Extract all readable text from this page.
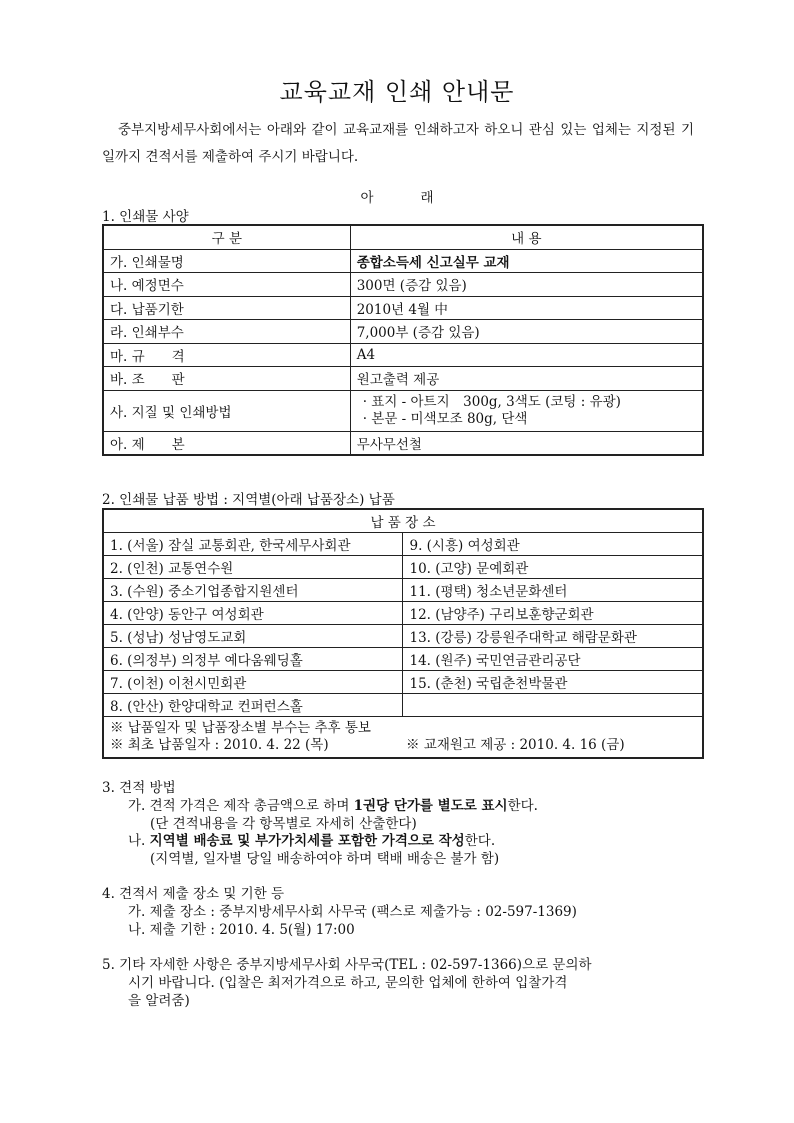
교육교재 인쇄 안내문
중부지방세무사회에서는 아래와 같이 교육교재를 인쇄하고자 하오니 관심 있는 업체는 지정된 기일까지 견적서를 제출하여 주시기 바랍니다.
아	래
1. 인쇄물 사양
구 분	내 용
가. 인쇄물명	종합소득세 신고실무 교재
나. 예정면수	300면 (증감 있음)
다. 납품기한	2010년 4월 中
라. 인쇄부수	7,000부 (증감 있음)
마. 규　　격	A4
바. 조　　판	원고출력 제공
사. 지질 및 인쇄방법	· 표지 - 아트지　300g, 3색도 (코팅 : 유광)
· 본문 - 미색모조 80g, 단색

아. 제　　본	무사무선철
2. 인쇄물 납품 방법 : 지역별(아래 납품장소) 납품
납 품 장 소	
1. (서울) 잠실 교통회관, 한국세무사회관	9. (시흥) 여성회관
2. (인천) 교통연수원	10. (고양) 문예회관
3. (수원) 중소기업종합지원센터	11. (평택) 청소년문화센터
4. (안양) 동안구 여성회관	12. (남양주) 구리보훈향군회관
5. (성남) 성남영도교회	13. (강릉) 강릉원주대학교 해람문화관
6. (의정부) 의정부 예다움웨딩홀	14. (원주) 국민연금관리공단
7. (이천) 이천시민회관	15. (춘천) 국립춘천박물관
8. (안산) 한양대학교 컨퍼런스홀	

※ 납품일자 및 납품장소별 부수는 추후 통보
※ 최초 납품일자 : 2010. 4. 22 (목) ※ 교재원고 제공 : 2010. 4. 16 (금)	
3. 견적 방법
가. 견적 가격은 제작 총금액으로 하며 1권당 단가를 별도로 표시한다.
(단 견적내용을 각 항목별로 자세히 산출한다)
나. 지역별 배송료 및 부가가치세를 포함한 가격으로 작성한다.
(지역별, 일자별 당일 배송하여야 하며 택배 배송은 불가 함)
4. 견적서 제출 장소 및 기한 등
가. 제출 장소 : 중부지방세무사회 사무국 (팩스로 제출가능 : 02-597-1369)
나. 제출 기한 : 2010. 4. 5(월) 17:00
5. 기타 자세한 사항은 중부지방세무사회 사무국(TEL : 02-597-1366)으로 문의하
시기 바랍니다. (입찰은 최저가격으로 하고, 문의한 업체에 한하여 입찰가격
을 알려줌)
